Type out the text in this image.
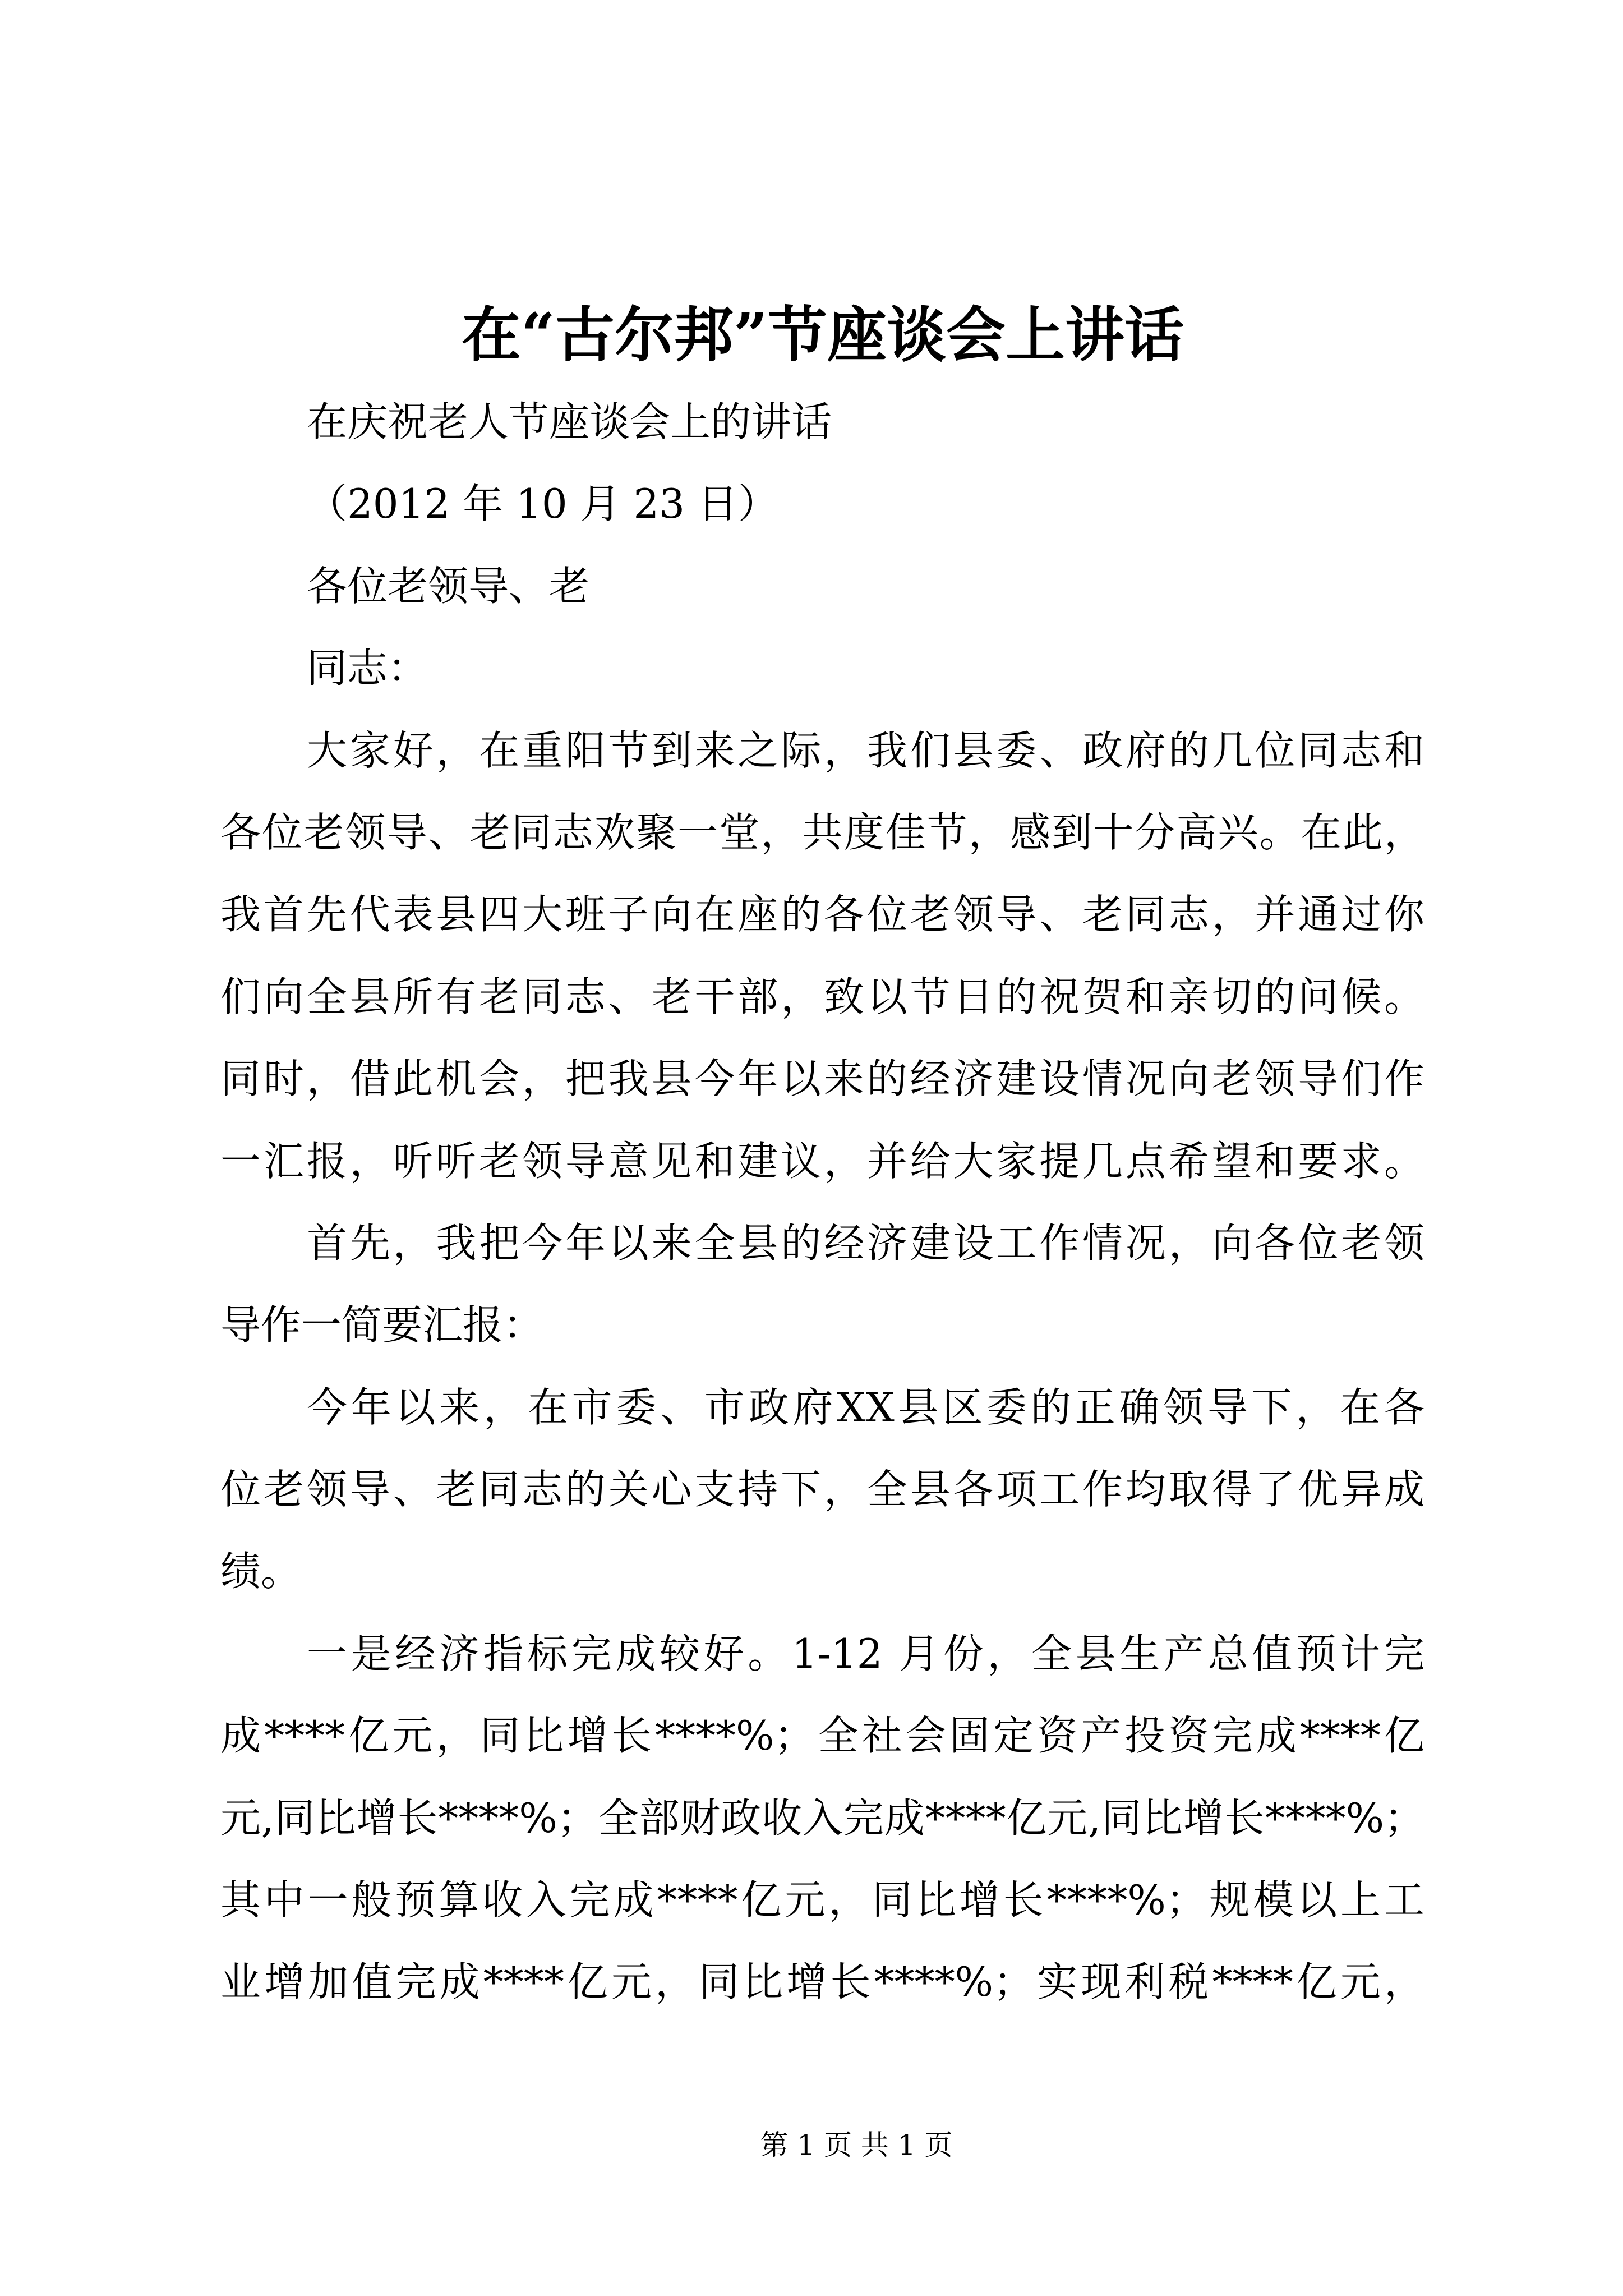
在“古尔邦”节座谈会上讲话
在庆祝老人节座谈会上的讲话
（2012 年 10 月 23 日）
各位老领导、老
同志：
大家好，在重阳节到来之际，我们县委、政府的几位同志和
各位老领导、老同志欢聚一堂，共度佳节，感到十分高兴。在此，
我首先代表县四大班子向在座的各位老领导、老同志，并通过你
们向全县所有老同志、老干部，致以节日的祝贺和亲切的问候。
同时，借此机会，把我县今年以来的经济建设情况向老领导们作
一汇报，听听老领导意见和建议，并给大家提几点希望和要求。
首先，我把今年以来全县的经济建设工作情况，向各位老领
导作一简要汇报：
今年以来，在市委、市政府XX县区委的正确领导下，在各
位老领导、老同志的关心支持下，全县各项工作均取得了优异成
绩。
一是经济指标完成较好。1-12 月份，全县生产总值预计完
成****亿元，同比增长****%；全社会固定资产投资完成****亿
元,同比增长****%；全部财政收入完成****亿元,同比增长****%；
其中一般预算收入完成****亿元，同比增长****%；规模以上工
业增加值完成****亿元，同比增长****%；实现利税****亿元，
第 1 页 共 1 页
